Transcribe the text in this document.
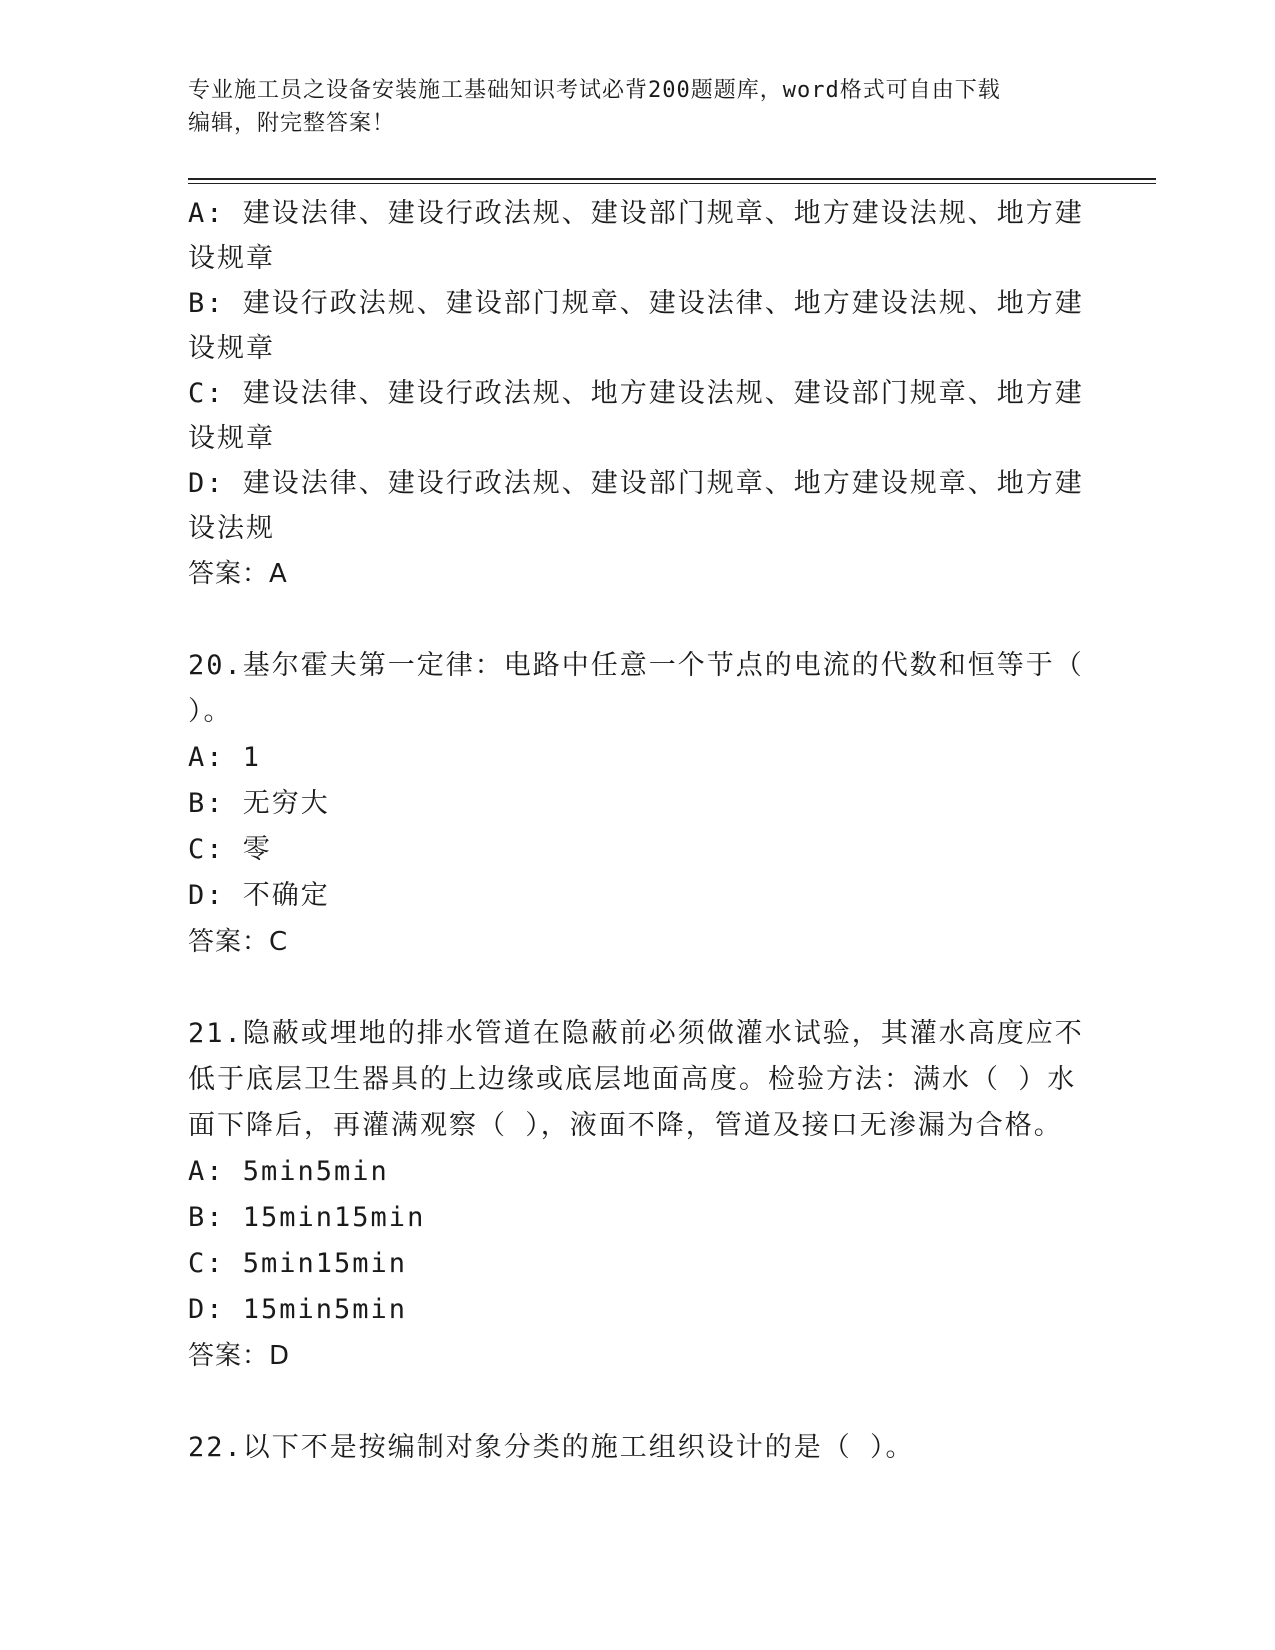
专业施工员之设备安装施工基础知识考试必背200题题库，word格式可自由下载
编辑，附完整答案！

A: 建设法律、建设行政法规、建设部门规章、地方建设法规、地方建设规章

B: 建设行政法规、建设部门规章、建设法律、地方建设法规、地方建设规章

C: 建设法律、建设行政法规、地方建设法规、建设部门规章、地方建设规章

D: 建设法律、建设行政法规、建设部门规章、地方建设规章、地方建设法规

答案：A

20.基尔霍夫第一定律：电路中任意一个节点的电流的代数和恒等于（ ）。

A: 1

B: 无穷大

C: 零

D: 不确定

答案：C

21.隐蔽或埋地的排水管道在隐蔽前必须做灌水试验，其灌水高度应不低于底层卫生器具的上边缘或底层地面高度。检验方法：满水（ ）水面下降后，再灌满观察（ ），液面不降，管道及接口无渗漏为合格。

A: 5min5min

B: 15min15min

C: 5min15min

D: 15min5min

答案：D

22.以下不是按编制对象分类的施工组织设计的是（ ）。
